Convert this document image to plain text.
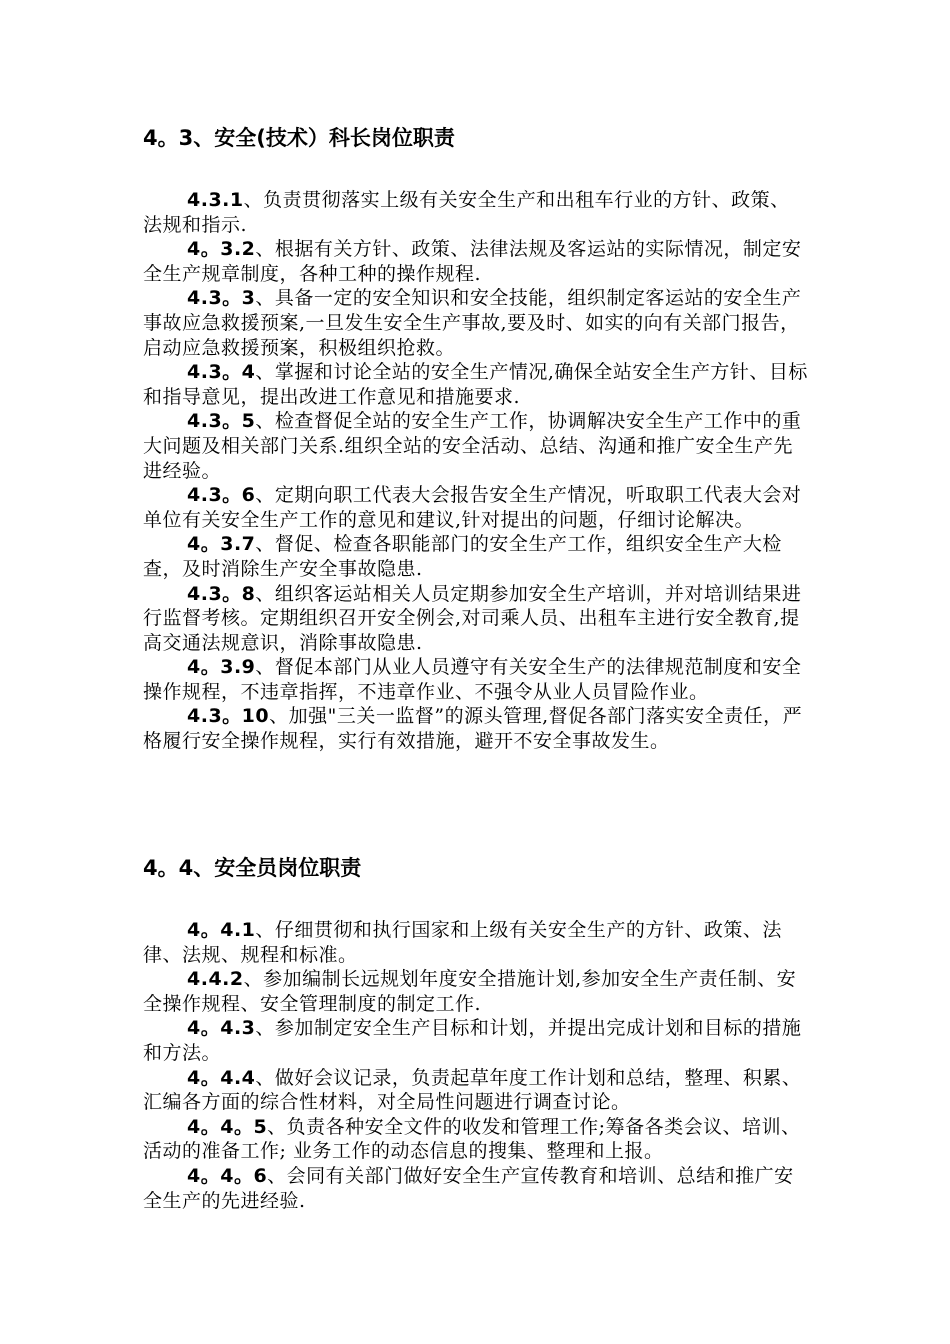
4。3、安全(技术）科长岗位职责

4.3.1、负责贯彻落实上级有关安全生产和出租车行业的方针、政策、法规和指示.

4。3.2、根据有关方针、政策、法律法规及客运站的实际情况，制定安全生产规章制度，各种工种的操作规程.

4.3。3、具备一定的安全知识和安全技能，组织制定客运站的安全生产事故应急救援预案,一旦发生安全生产事故,要及时、如实的向有关部门报告，启动应急救援预案，积极组织抢救。

4.3。4、掌握和讨论全站的安全生产情况,确保全站安全生产方针、目标和指导意见，提出改进工作意见和措施要求.

4.3。5、检查督促全站的安全生产工作，协调解决安全生产工作中的重大问题及相关部门关系.组织全站的安全活动、总结、沟通和推广安全生产先进经验。

4.3。6、定期向职工代表大会报告安全生产情况，听取职工代表大会对单位有关安全生产工作的意见和建议,针对提出的问题，仔细讨论解决。

4。3.7、督促、检查各职能部门的安全生产工作，组织安全生产大检查，及时消除生产安全事故隐患.

4.3。8、组织客运站相关人员定期参加安全生产培训，并对培训结果进行监督考核。定期组织召开安全例会,对司乘人员、出租车主进行安全教育,提高交通法规意识，消除事故隐患.

4。3.9、督促本部门从业人员遵守有关安全生产的法律规范制度和安全操作规程，不违章指挥，不违章作业、不强令从业人员冒险作业。

4.3。10、加强"三关一监督”的源头管理,督促各部门落实安全责任，严格履行安全操作规程，实行有效措施，避开不安全事故发生。

4。4、安全员岗位职责

4。4.1、仔细贯彻和执行国家和上级有关安全生产的方针、政策、法律、法规、规程和标准。

4.4.2、参加编制长远规划年度安全措施计划,参加安全生产责任制、安全操作规程、安全管理制度的制定工作.

4。4.3、参加制定安全生产目标和计划，并提出完成计划和目标的措施和方法。

4。4.4、做好会议记录，负责起草年度工作计划和总结，整理、积累、汇编各方面的综合性材料，对全局性问题进行调查讨论。

4。4。5、负责各种安全文件的收发和管理工作;筹备各类会议、培训、活动的准备工作; 业务工作的动态信息的搜集、整理和上报。

4。4。6、会同有关部门做好安全生产宣传教育和培训、总结和推广安全生产的先进经验.
